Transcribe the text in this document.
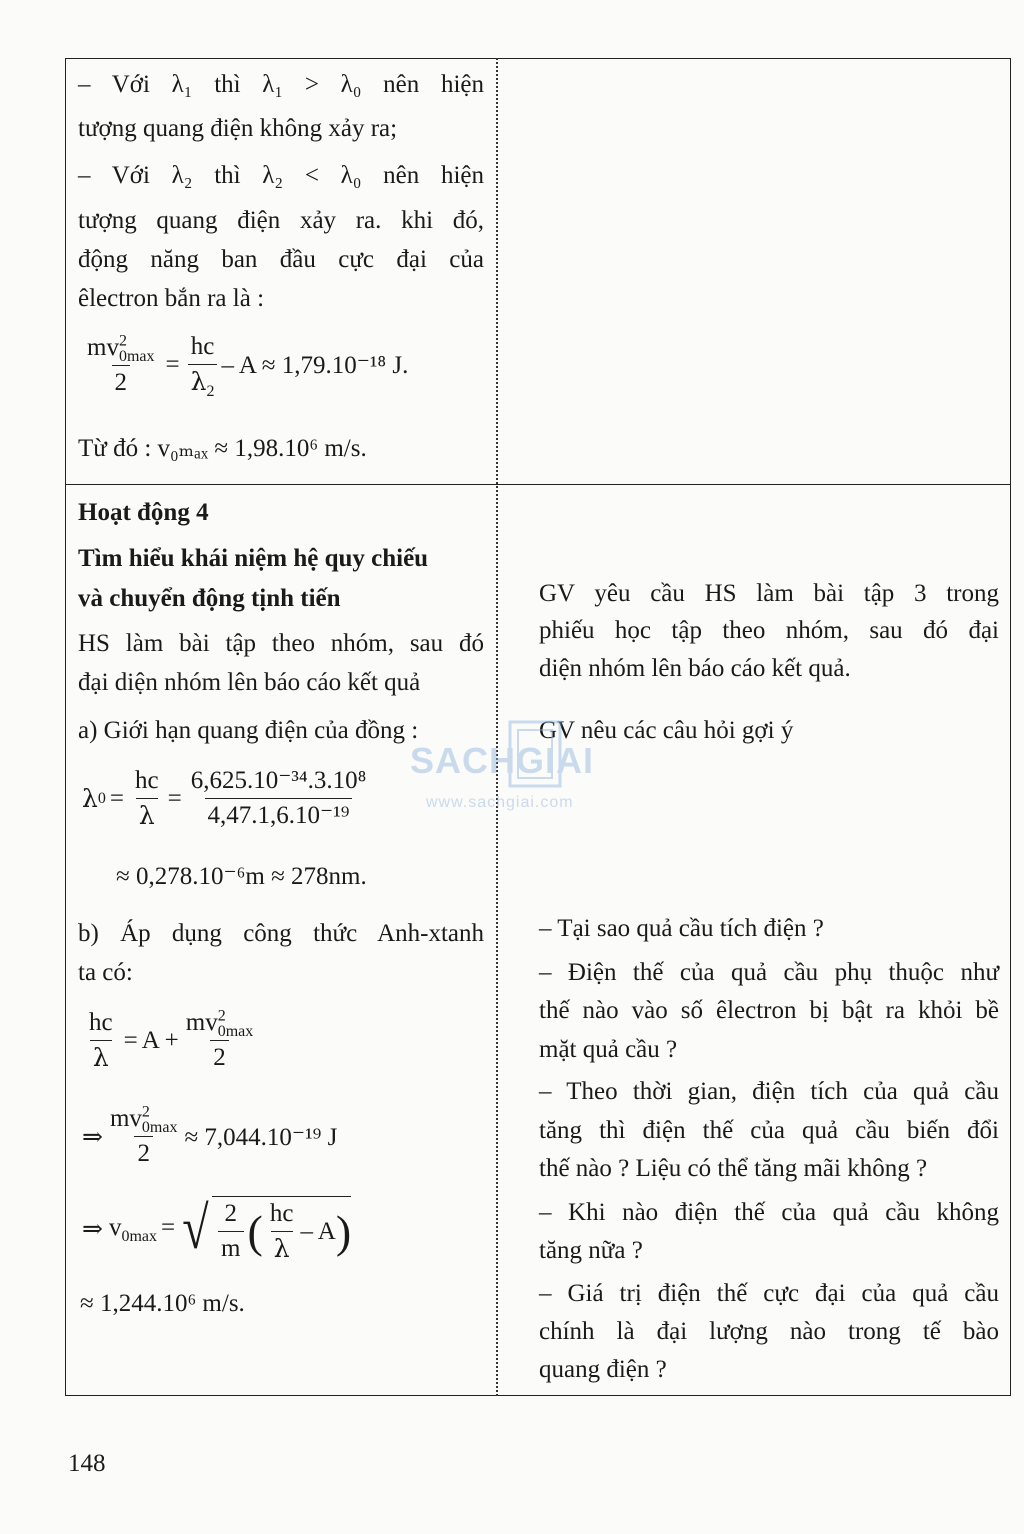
– Với λ₁ thì λ₁ > λ₀ nên hiện
tượng quang điện không xảy ra;
– Với λ₂ thì λ₂ < λ₀ nên hiện
tượng quang điện xảy ra. khi đó,
động năng ban đầu cực đại của
êlectron bắn ra là :
$\frac{mv^2_{0max}}{2} = \frac{hc}{\lambda_2} - A \approx 1,79.10^{-18}$ J.
Từ đó : v₀ₘₐₓ ≈ 1,98.10⁶ m/s.
Hoạt động 4
Tìm hiểu khái niệm hệ quy chiếu
và chuyển động tịnh tiến
HS làm bài tập theo nhóm, sau đó
đại diện nhóm lên báo cáo kết quả
a) Giới hạn quang điện của đồng :
λ $0 = \frac{hc}{\lambda} = \frac{\text{6,625.10⁻³⁴.3.10⁸}}{\text{4,47.1,6.10⁻¹⁹}}$
≈ 0,278.10⁻⁶m ≈ 278nm.
b) Áp dụng công thức Anh-xtanh
ta có:
$\frac{hc}{\lambda} = A + \frac{mv^2_{0max}}{2}$
⇒ $\frac{mv^2_{0max}}{2} \approx 7,044.10^{-19}$ J
⇒ $v_{0max}$ = √ $\frac{2}{m}$ ( $\frac{hc}{\lambda}$ – A )
≈ 1,244.10⁶ m/s.
GV yêu cầu HS làm bài tập 3 trong
phiếu học tập theo nhóm, sau đó đại
diện nhóm lên báo cáo kết quả.
GV nêu các câu hỏi gợi ý
– Tại sao quả cầu tích điện ?
– Điện thế của quả cầu phụ thuộc như
thế nào vào số êlectron bị bật ra khỏi bề
mặt quả cầu ?
– Theo thời gian, điện tích của quả cầu
tăng thì điện thế của quả cầu biến đổi
thế nào ? Liệu có thể tăng mãi không ?
– Khi nào điện thế của quả cầu không
tăng nữa ?
– Giá trị điện thế cực đại của quả cầu
chính là đại lượng nào trong tế bào
quang điện ?
SACHGIAI
www.sachgiai.com
148
